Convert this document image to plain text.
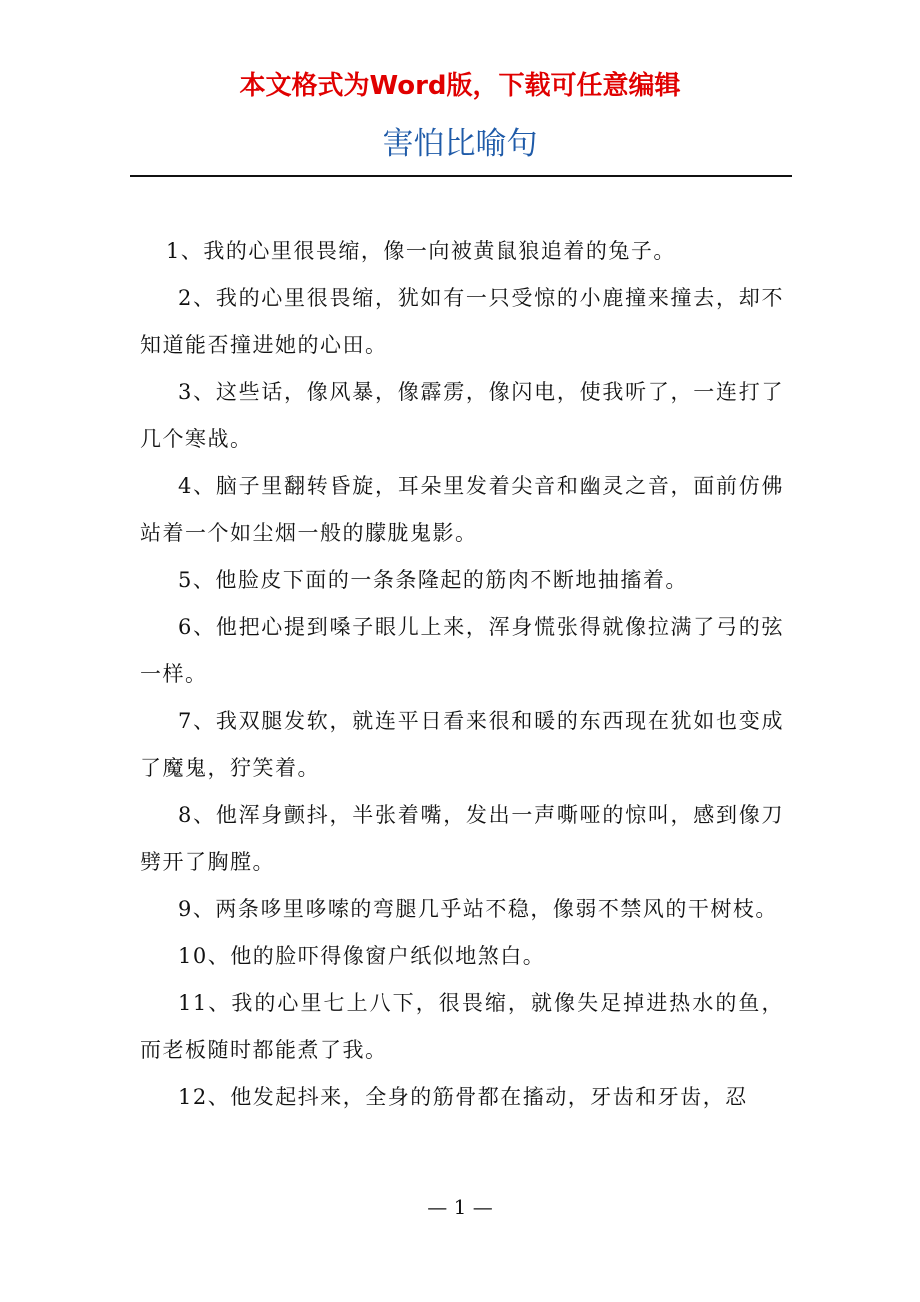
本文格式为Word版，下载可任意编辑
害怕比喻句

1、我的心里很畏缩，像一向被黄鼠狼追着的兔子。

2、我的心里很畏缩，犹如有一只受惊的小鹿撞来撞去，却不知道能否撞进她的心田。

3、这些话，像风暴，像霹雳，像闪电，使我听了，一连打了几个寒战。

4、脑子里翻转昏旋，耳朵里发着尖音和幽灵之音，面前仿佛站着一个如尘烟一般的朦胧鬼影。

5、他脸皮下面的一条条隆起的筋肉不断地抽搐着。

6、他把心提到嗓子眼儿上来，浑身慌张得就像拉满了弓的弦一样。

7、我双腿发软，就连平日看来很和暖的东西现在犹如也变成了魔鬼，狞笑着。

8、他浑身颤抖，半张着嘴，发出一声嘶哑的惊叫，感到像刀劈开了胸膛。

9、两条哆里哆嗦的弯腿几乎站不稳，像弱不禁风的干树枝。

10、他的脸吓得像窗户纸似地煞白。

11、我的心里七上八下，很畏缩，就像失足掉进热水的鱼，而老板随时都能煮了我。

12、他发起抖来，全身的筋骨都在搐动，牙齿和牙齿，忍

— 1 —
